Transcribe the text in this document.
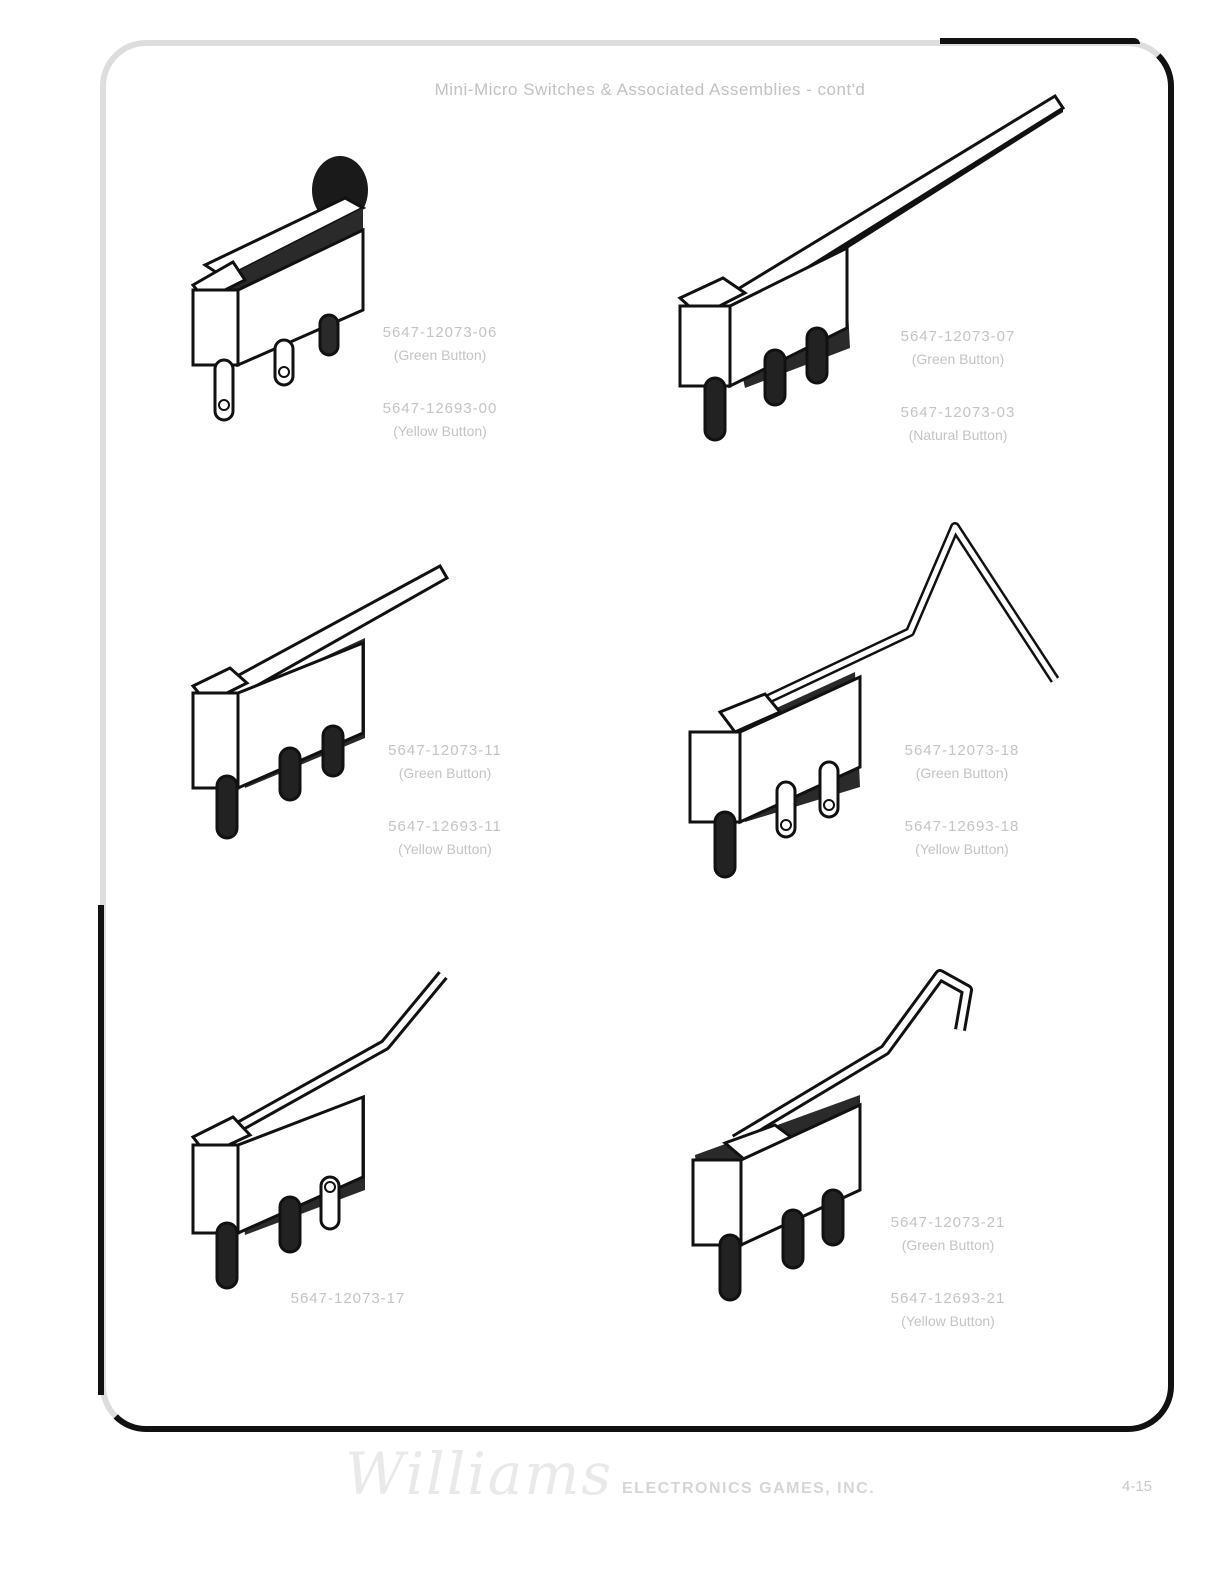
Mini-Micro Switches & Associated Assemblies - cont'd
5647-12073-06
(Green Button)
5647-12693-00
(Yellow Button)
5647-12073-07
(Green Button)
5647-12073-03
(Natural Button)
5647-12073-11
(Green Button)
5647-12693-11
(Yellow Button)
5647-12073-18
(Green Button)
5647-12693-18
(Yellow Button)
5647-12073-17
5647-12073-21
(Green Button)
5647-12693-21
(Yellow Button)
Williams ELECTRONICS GAMES, INC.	4-15
